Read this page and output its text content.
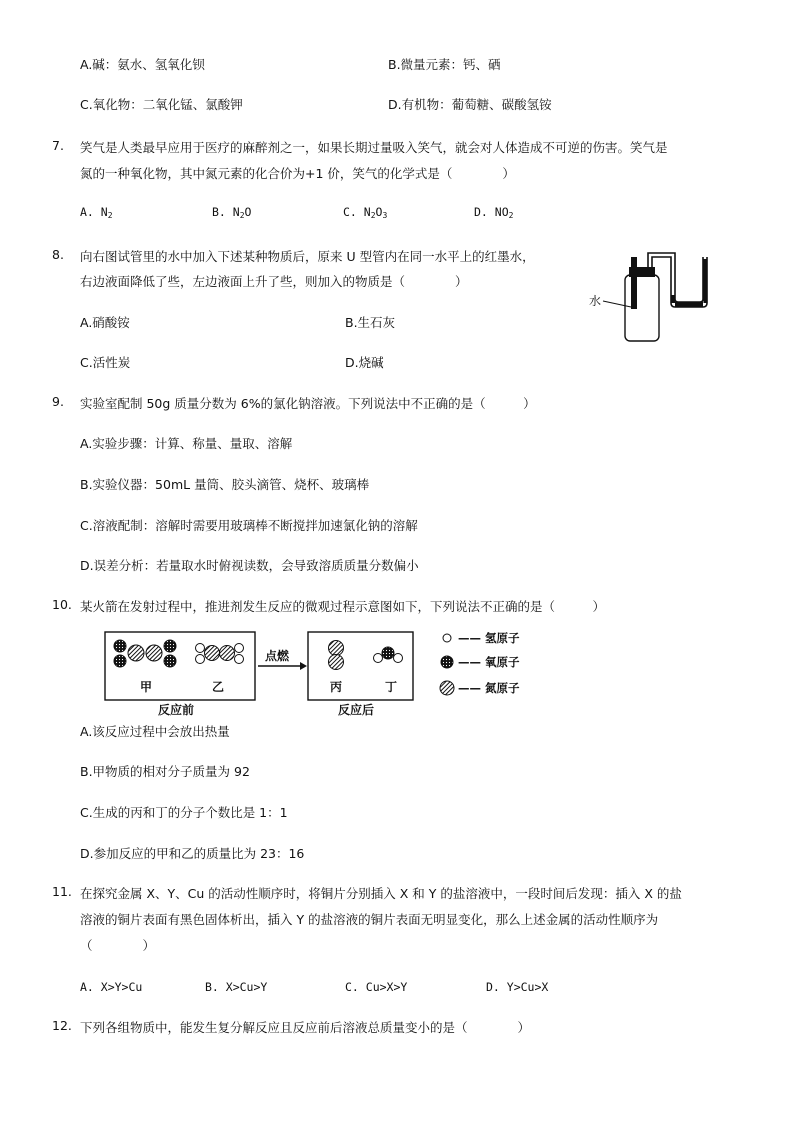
A.碱：氨水、氢氧化钡	B.微量元素：钙、硒
C.氧化物：二氧化锰、氯酸钾	D.有机物：葡萄糖、碳酸氢铵
7. 笑气是人类最早应用于医疗的麻醉剂之一，如果长期过量吸入笑气，就会对人体造成不可逆的伤害。笑气是
氮的一种氧化物，其中氮元素的化合价为+1 价，笑气的化学式是（　　　　）
A. $N_2$	B. $N_2O$	C. $N_2O_3$	D. $NO_2$
8. 向右图试管里的水中加入下述某种物质后，原来 U 型管内在同一水平上的红墨水，
右边液面降低了些，左边液面上升了些，则加入的物质是（　　　　）
A.硝酸铵	B.生石灰
C.活性炭	D.烧碱
水
9. 实验室配制 50g 质量分数为 6%的氯化钠溶液。下列说法中不正确的是（　　　）
A.实验步骤：计算、称量、量取、溶解
B.实验仪器：50mL 量筒、胶头滴管、烧杯、玻璃棒
C.溶液配制：溶解时需要用玻璃棒不断搅拌加速氯化钠的溶解
D.误差分析：若量取水时俯视读数，会导致溶质质量分数偏小
10. 某火箭在发射过程中，推进剂发生反应的微观过程示意图如下，下列说法不正确的是（　　　）
甲	乙
反应前
点燃
丙	丁
反应后
—— 氢原子
—— 氧原子
—— 氮原子
A.该反应过程中会放出热量
B.甲物质的相对分子质量为 92
C.生成的丙和丁的分子个数比是 1：1
D.参加反应的甲和乙的质量比为 23：16
11. 在探究金属 X、Y、Cu 的活动性顺序时，将铜片分别插入 X 和 Y 的盐溶液中，一段时间后发现：插入 X 的盐
溶液的铜片表面有黑色固体析出，插入 Y 的盐溶液的铜片表面无明显变化，那么上述金属的活动性顺序为
（　　　　）
A. X>Y>Cu	B. X>Cu>Y	C. Cu>X>Y	D. Y>Cu>X
12. 下列各组物质中，能发生复分解反应且反应前后溶液总质量变小的是（　　　　）
